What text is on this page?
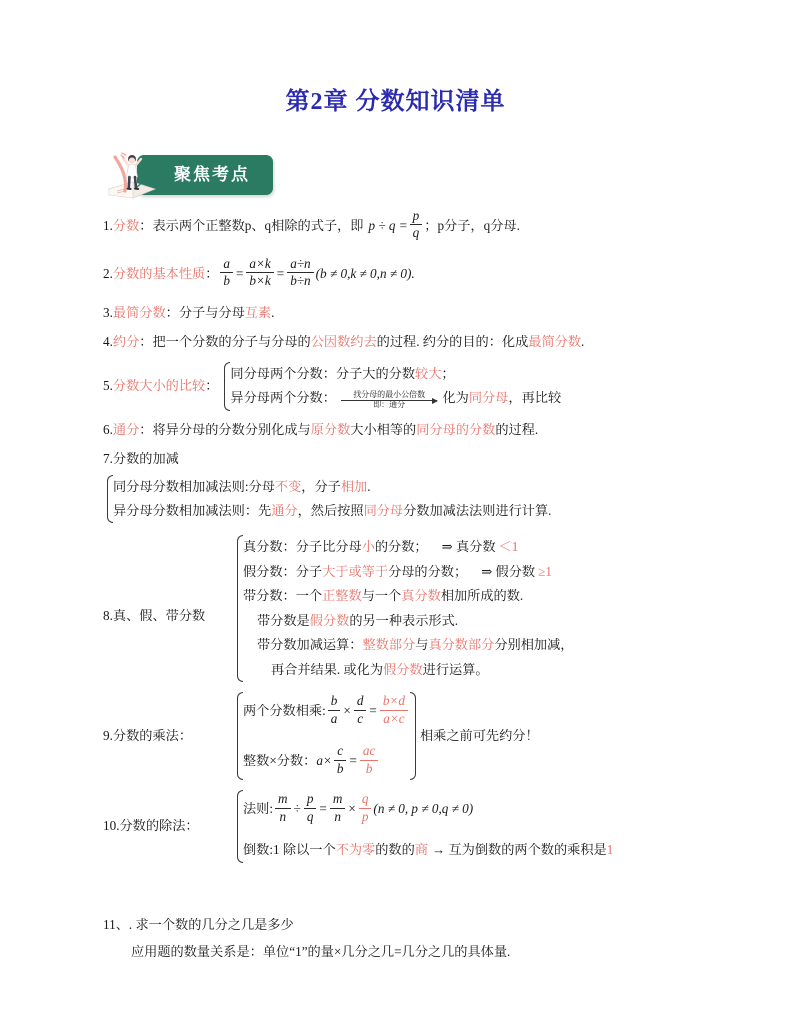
第2章 分数知识清单
聚焦考点
1. 分数 ： 表示两个正整数p、q相除的式子，即 $p \div q = \frac{p}{q}$ ；p分子，q分母.
2. 分数的基本性质 ： $\frac{a}{b} = \frac{a\times k}{b\times k} = \frac{a\div n}{b\div n} (b \ne 0,k \ne 0,n \ne 0)$.
3. 最简分数 ： 分子与分母 互素 .
4. 约分 ： 把一个分数的分子与分母的 公因数约去 的过程. 约分的目的：化成 最简分数 .
5. 分数大小的比较 ：
同分母两个分数：分子大的分数较大；
异分母两个分数： 找分母的最小公倍数
即：通分	化为同分母，再比较
6. 通分 ： 将异分母的分数分别化成与 原分数 大小相等的 同分母的分数 的过程.
7. 分数的加减
同分母分数相加减法则:分母不变，分子相加.
异分母分数相加减法则：先通分，然后按照同分母分数加减法法则进行计算.
8. 真、假、带分数
真分数：分子比分母小的分数； ⇒ 真分数 ＜1
假分数：分子大于或等于分母的分数； ⇒ 假分数 ≥1
带分数：一个正整数与一个真分数相加所成的数.
带分数是假分数的另一种表示形式.
带分数加减运算：整数部分与真分数部分分别相加减，
再合并结果. 或化为假分数进行运算。
9. 分数的乘法 ：
两个分数相乘: $\frac{b}{a} \times \frac{d}{c} = \frac{b\times d}{a\times c}$
整数×分数： $a\times \frac{c}{b} = \frac{ac}{b}$
相乘之前可先约分！
10. 分数的除法 ：
法则: $\frac{m}{n} \div \frac{p}{q} = \frac{m}{n} \times \frac{q}{p} (n \ne 0$, p ≠ 0,q ≠ 0)
倒数:1 除以一个不为零的数的商 → 互为倒数的两个数的乘积是1
11、 . 求一个数的几分之几是多少
应用题的数量关系是：单位“1”的量×几分之几=几分之几的具体量.
